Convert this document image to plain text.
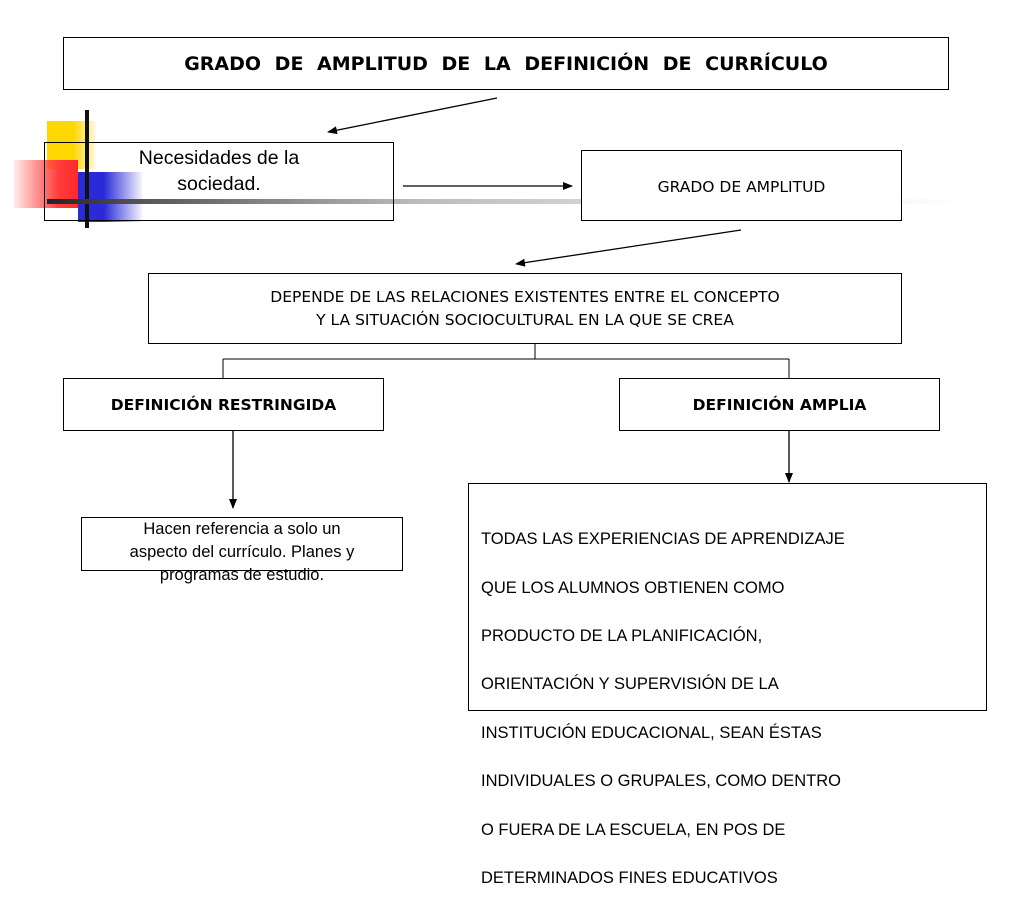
GRADO DE AMPLITUD DE LA DEFINICIÓN DE CURRÍCULO
Necesidades de la
sociedad.	GRADO DE AMPLITUD
DEPENDE DE LAS RELACIONES EXISTENTES ENTRE EL CONCEPTO
Y LA SITUACIÓN SOCIOCULTURAL EN LA QUE SE CREA
DEFINICIÓN RESTRINGIDA	DEFINICIÓN AMPLIA
Hacen referencia a solo un
aspecto del currículo. Planes y
programas de estudio.

TODAS LAS EXPERIENCIAS DE APRENDIZAJE

QUE LOS ALUMNOS OBTIENEN COMO

PRODUCTO DE LA PLANIFICACIÓN,

ORIENTACIÓN Y SUPERVISIÓN DE LA

INSTITUCIÓN EDUCACIONAL, SEAN ÉSTAS

INDIVIDUALES O GRUPALES, COMO DENTRO

O FUERA DE LA ESCUELA, EN POS DE

DETERMINADOS FINES EDUCATIVOS
